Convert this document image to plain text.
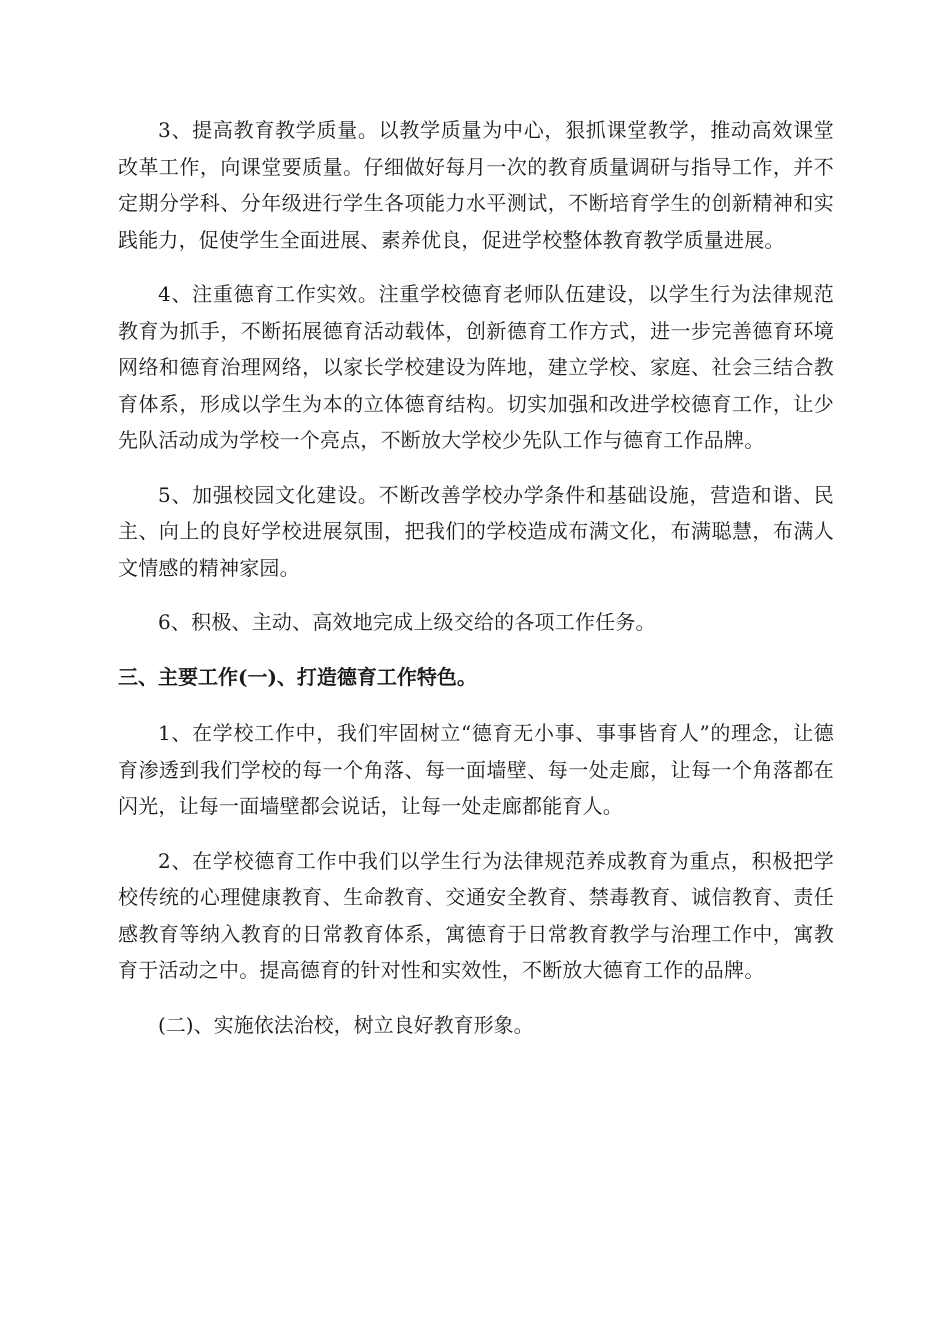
3、提高教育教学质量。以教学质量为中心，狠抓课堂教学，推动高效课堂改革工作，向课堂要质量。仔细做好每月一次的教育质量调研与指导工作，并不定期分学科、分年级进行学生各项能力水平测试，不断培育学生的创新精神和实践能力，促使学生全面进展、素养优良，促进学校整体教育教学质量进展。

4、注重德育工作实效。注重学校德育老师队伍建设，以学生行为法律规范教育为抓手，不断拓展德育活动载体，创新德育工作方式，进一步完善德育环境网络和德育治理网络，以家长学校建设为阵地，建立学校、家庭、社会三结合教育体系，形成以学生为本的立体德育结构。切实加强和改进学校德育工作，让少先队活动成为学校一个亮点，不断放大学校少先队工作与德育工作品牌。

5、加强校园文化建设。不断改善学校办学条件和基础设施，营造和谐、民主、向上的良好学校进展氛围，把我们的学校造成布满文化，布满聪慧，布满人文情感的精神家园。

6、积极、主动、高效地完成上级交给的各项工作任务。

三、主要工作(一)、打造德育工作特色。

1、在学校工作中，我们牢固树立“德育无小事、事事皆育人”的理念，让德育渗透到我们学校的每一个角落、每一面墙壁、每一处走廊，让每一个角落都在闪光，让每一面墙壁都会说话，让每一处走廊都能育人。

2、在学校德育工作中我们以学生行为法律规范养成教育为重点，积极把学校传统的心理健康教育、生命教育、交通安全教育、禁毒教育、诚信教育、责任感教育等纳入教育的日常教育体系，寓德育于日常教育教学与治理工作中，寓教育于活动之中。提高德育的针对性和实效性，不断放大德育工作的品牌。

(二)、实施依法治校，树立良好教育形象。
